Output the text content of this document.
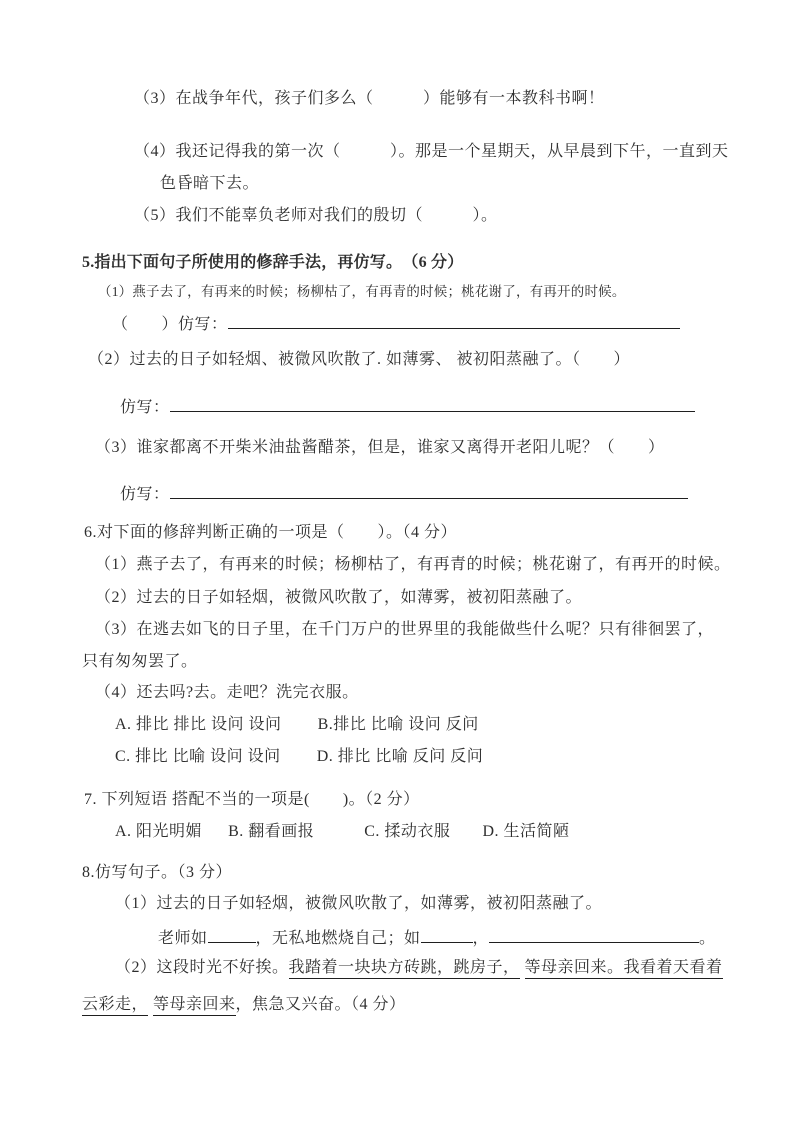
（3）在战争年代，孩子们多么（　　　）能够有一本教科书啊！
（4）我还记得我的第一次（　　　）。那是一个星期天，从早晨到下午，一直到天
色昏暗下去。
（5）我们不能辜负老师对我们的殷切（　　　）。
5.指出下面句子所使用的修辞手法，再仿写。　（6 分）
（1）燕子去了，有再来的时候；杨柳枯了，有再青的时候；桃花谢了，有再开的时候。
（　　）仿写：
（2）过去的日子如轻烟、被微风吹散了. 如薄雾、 被初阳蒸融了。（　　）
仿写：
（3）谁家都离不开柴米油盐酱醋茶，但是，谁家又离得开老阳儿呢？（　　）
仿写：
6.对下面的修辞判断正确的一项是（　　）。（4 分）
（1）燕子去了，有再来的时候；杨柳枯了，有再青的时候；桃花谢了，有再开的时候。
（2）过去的日子如轻烟，被微风吹散了，如薄雾，被初阳蒸融了。
（3）在逃去如飞的日子里，在千门万户的世界里的我能做些什么呢？只有徘徊罢了，
只有匆匆罢了。
（4）还去吗?去。走吧？洗完衣服。
A. 排比 排比 设问 设问 B.排比 比喻 设问 反问
C. 排比 比喻 设问 设问 D. 排比 比喻 反问 反问
7. 下列短语 搭配不当的一项是(　　)。（2 分）
A. 阳光明媚 B. 翻看画报	C. 揉动衣服 D. 生活简陋
8.仿写句子。（3 分）
（1）过去的日子如轻烟，被微风吹散了，如薄雾，被初阳蒸融了。
老师如	，无私地燃烧自己；如	，	。
（2）这段时光不好挨。我踏着一块块方砖跳，跳房子， 等母亲回来。我看着天看着
云彩走， 等母亲回来，焦急又兴奋。（4 分）
